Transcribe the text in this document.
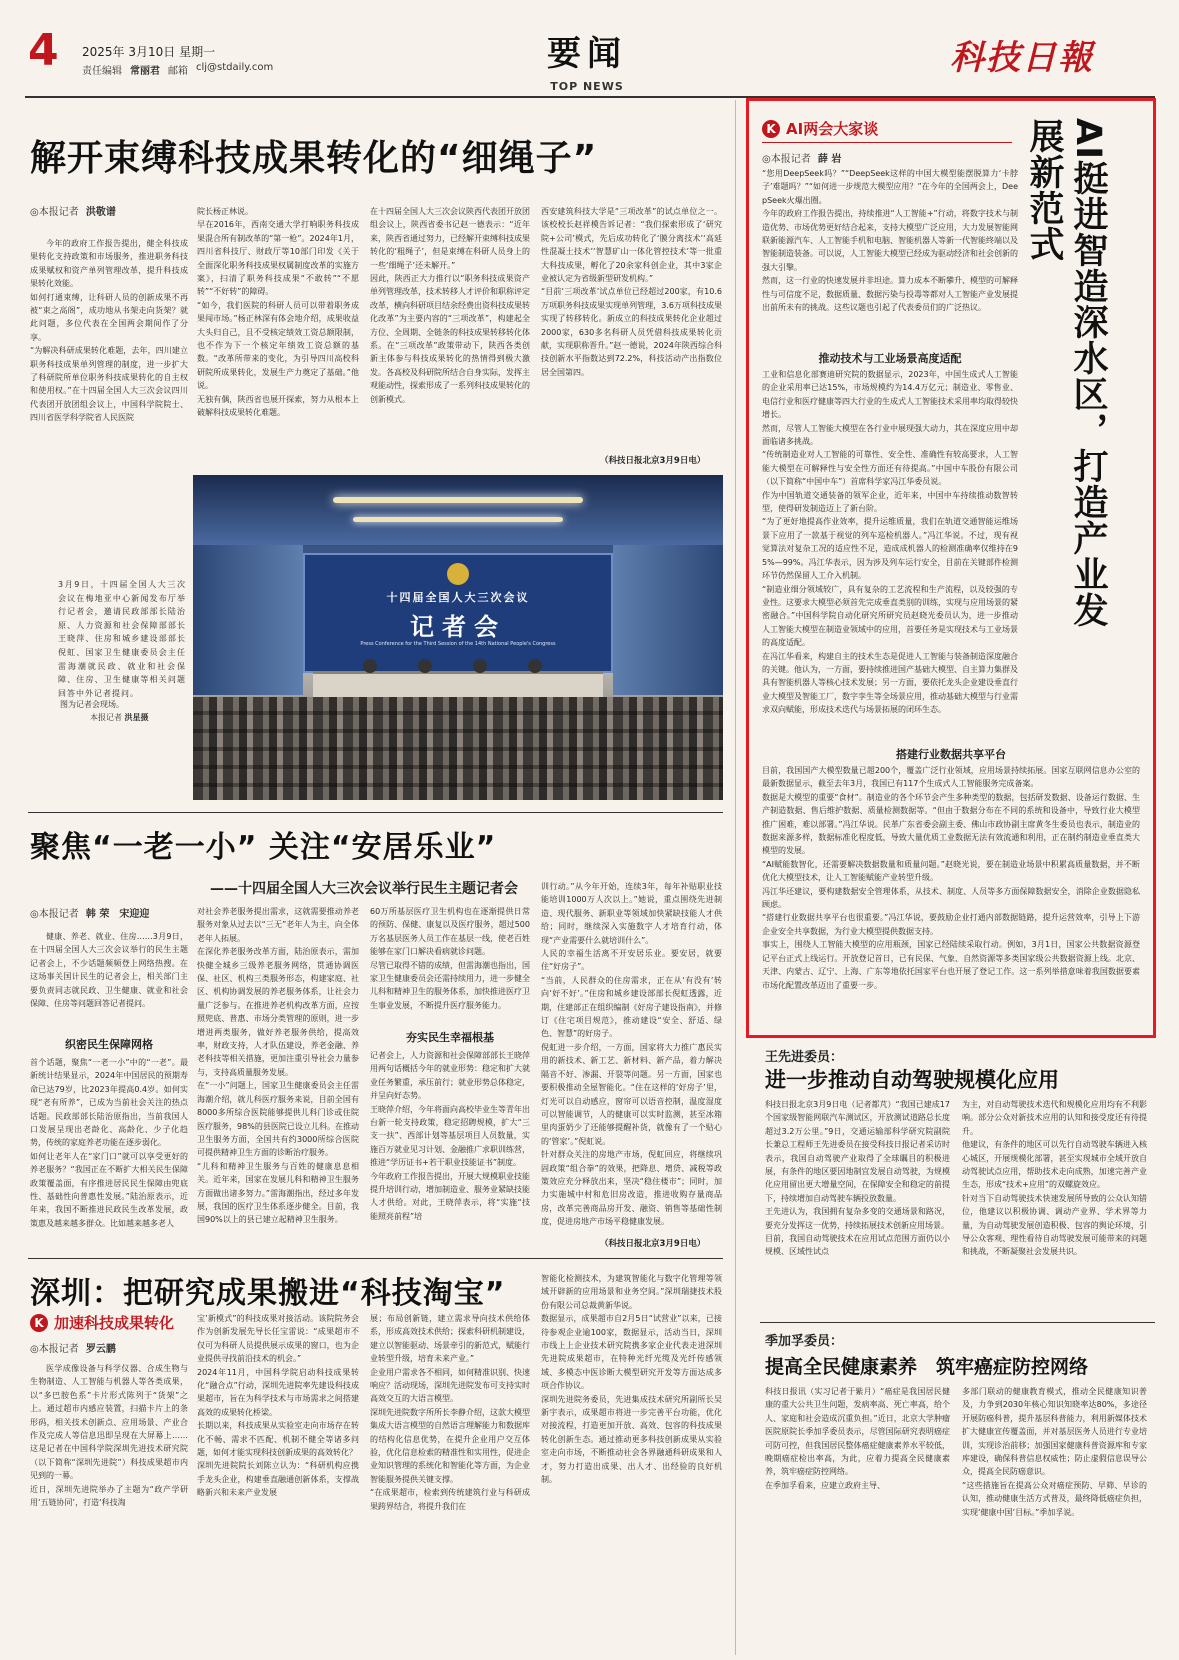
4 2025年 3月10日 星期一
责任编辑 常丽君 邮箱 clj@stdaily.com	要闻
TOP NEWS
科技日報
解开束缚科技成果转化的“细绳子”
◎本报记者 洪敬谱
今年的政府工作报告提出，健全科技成果转化支持政策和市场服务，推进职务科技成果赋权和资产单列管理改革，提升科技成果转化效能。
如何打通束缚，让科研人员的创新成果不再被“束之高阁”，成功地从书架走向货架？就此问题，多位代表在全国两会期间作了分享。
“为解决科研成果转化难题，去年，四川建立职务科技成果单列管理的制度，进一步扩大了科研院所单位职务科技成果转化的自主权和使用权。”在十四届全国人大三次会议四川代表团开放团组会议上，中国科学院院士、四川省医学科学院省人民医院
院长杨正林说。
早在2016年，西南交通大学打响职务科技成果混合所有制改革的“第一枪”。2024年1月，四川省科技厅、财政厅等10部门印发《关于全面深化职务科技成果权属制度改革的实施方案》，扫清了职务科技成果“不敢转”“不愿转”“不好转”的障碍。
“如今，我们医院的科研人员可以带着职务成果闯市场。”杨正林深有体会地介绍，成果收益大头归自己，且不受核定绩效工资总额限制，也不作为下一个核定年绩效工资总额的基数。“改革所带来的变化，为引导四川高校科研院所成果转化，发展生产力奠定了基础。”他说。
无独有偶，陕西省也展开探索，努力从根本上破解科技成果转化难题。
在十四届全国人大三次会议陕西代表团开放团组会议上，陕西省委书记赵一德表示：“近年来，陕西省通过努力，已经解开束缚科技成果转化的‘粗绳子’，但是束缚在科研人员身上的一些‘细绳子’还未解开。”
因此，陕西正大力推行以“职务科技成果资产单列管理改革，技术转移人才评价和职称评定改革，横向科研项目结余经费出资科技成果转化改革”为主要内容的“三项改革”，构建起全方位、全周期、全链条的科技成果转移转化体系。在“三项改革”政策带动下，陕西各类创新主体参与科技成果转化的热情得到极大激发。各高校及科研院所结合自身实际，发挥主观能动性，探索形成了一系列科技成果转化的创新模式。
西安建筑科技大学是“三项改革”的试点单位之一。该校校长赵祥模告诉记者：“我们探索形成了‘研究院+公司’模式，先后成功转化了‘膜分离技术’‘高延性混凝土技术’‘智慧矿山一体化管控技术’等一批重大科技成果，孵化了20余家科创企业，其中3家企业被认定为省级新型研发机构。”
“目前‘三项改革’试点单位已经超过200家，有10.6万项职务科技成果实现单列管理，3.6万项科技成果实现了转移转化。新成立的科技成果转化企业超过2000家，630多名科研人员凭借科技成果转化贡献，实现职称晋升。”赵一德说，2024年陕西综合科技创新水平指数达到72.2%，科技活动产出指数位居全国第四。
（科技日报北京3月9日电）
3月9日，十四届全国人大三次会议在梅地亚中心新闻发布厅举行记者会，邀请民政部部长陆治原、人力资源和社会保障部部长王晓萍、住房和城乡建设部部长倪虹、国家卫生健康委员会主任雷海潮就民政、就业和社会保障、住房、卫生健康等相关问题回答中外记者提问。
图为记者会现场。
本报记者 洪星摄
十四届全国人大三次会议
记者会
Press Conference for the Third Session of the 14th National People's Congress
聚焦“一老一小” 关注“安居乐业”
——十四届全国人大三次会议举行民生主题记者会
◎本报记者 韩 荣　宋迎迎
健康、养老、就业、住房……3月9日，在十四届全国人大三次会议举行的民生主题记者会上，不少话题频频登上网络热搜。在这场事关国计民生的记者会上，相关部门主要负责同志就民政、卫生健康、就业和社会保障、住房等问题回答记者提问。
织密民生保障网格
首个话题，聚焦“一老一小”中的“一老”。最新统计结果显示，2024年中国居民的预期寿命已达79岁，比2023年提高0.4岁。如何实现“老有所养”，已成为当前社会关注的热点话题。民政部部长陆治原指出，当前我国人口发展呈现出老龄化、高龄化、少子化趋势，传统的家庭养老功能在逐步弱化。
如何让老年人在“家门口”就可以享受更好的养老服务？“我国正在不断扩大相关民生保障政策覆盖面，有序推进居民民生保障由兜底性、基础性向普惠性发展。”陆治原表示，近年来，我国不断推进民政民生改革发展，政策惠及越来越多群众。比如越来越多老人
对社会养老服务提出需求，这就需要推动养老服务对象从过去以“三无”老年人为主，向全体老年人拓展。
在深化养老服务改革方面，陆治原表示，需加快健全城乡三级养老服务网络，贯通协调医保、社区、机构三类服务形态，构建家庭、社区、机构协调发展的养老服务体系，让社会力量广泛参与。在推进养老机构改革方面，应按照兜底、普惠、市场分类管理的原则，进一步增进两类服务，做好养老服务供给，提高效率，财政支持，人才队伍建设，养老金融、养老科技等相关措施，更加注重引导社会力量参与，支持高质量服务发展。
在“一小”问题上，国家卫生健康委员会主任雷海潮介绍，就儿科医疗服务来说，目前全国有8000多所综合医院能够提供儿科门诊或住院医疗服务，98%的县医院已设立儿科。在推动卫生服务方面，全国共有约3000所综合医院可提供精神卫生方面的诊断治疗服务。
“儿科和精神卫生服务与百姓的健康息息相关。近年来，国家在发展儿科和精神卫生服务方面做出诸多努力。”雷海潮指出，经过多年发展，我国的医疗卫生体系逐步健全。目前，我国90%以上的县已建立起精神卫生服务。
60万所基层医疗卫生机构也在逐渐提供日常的预防、保健、康复以及医疗服务，超过500万名基层医务人员工作在基层一线，使老百姓能够在家门口解决看病就诊问题。
尽管已取得不错的成绩，但雷海潮也指出，国家卫生健康委员会还需持续用力，进一步健全儿科和精神卫生的服务体系，加快推进医疗卫生事业发展，不断提升医疗服务能力。
夯实民生幸福根基
记者会上，人力资源和社会保障部部长王晓萍用两句话概括今年的就业形势：稳定和扩大就业任务繁重，承压前行；就业形势总体稳定，并呈向好态势。
王晓萍介绍，今年将面向高校毕业生等青年出台新一轮支持政策，稳定招聘规模，扩大“三支一扶”、西部计划等基层项目人员数量，实施百万就业见习计划、金融推广求职训练营，推进“学历证书+若干职业技能证书”制度。
今年政府工作报告提出，开展大规模职业技能提升培训行动，增加制造业、服务业紧缺技能人才供给。对此，王晓萍表示，将“实施“技能照亮前程”培
训行动。”从今年开始，连续3年，每年补贴职业技能培训1000万人次以上。”她说，重点围绕先进制造、现代服务、新职业等领域加快紧缺技能人才供给；同时，继续深入实施数字人才培育行动，体现“产业需要什么就培训什么”。
人民的幸福生活离不开安居乐业。要安居，就要住“好房子”。
“当前，人民群众的住房需求，正在从‘有没有’转向‘好不好’。”住房和城乡建设部部长倪虹透露，近期，住建部正在组织编制《好房子建设指南》，并修订《住宅项目规范》，推动建设“安全、舒适、绿色、智慧”的好房子。
倪虹进一步介绍，一方面，国家将大力推广惠民实用的新技术、新工艺、新材料、新产品，着力解决隔音不好、渗漏、开裂等问题。另一方面，国家也要积极推动全屋智能化。“住在这样的‘好房子’里，灯光可以自动感应，窗帘可以语音控制，温度湿度可以智能调节，人的健康可以实时监测，甚至冰箱里肉蛋奶少了还能够提醒补货，就像有了一个贴心的‘管家’。”倪虹说。
针对群众关注的房地产市场，倪虹回应，将继续巩固政策“组合拳”的效果，把降息、增贷、减税等政策效应充分释放出来，坚决“稳住楼市”；同时，加力实施城中村和危旧房改造，推进收购存量商品房，改革完善商品房开发、融资、销售等基础性制度，促进房地产市场平稳健康发展。
（科技日报北京3月9日电）
深圳：把研究成果搬进“科技淘宝”
K 加速科技成果转化
◎本报记者 罗云鹏
医学成像设备与科学仪器、合成生物与生物制造、人工智能与机器人等各类成果，以“多巴胺色系”卡片形式陈列于“货架”之上。通过超市内感应装置，扫描卡片上的条形码，相关技术创新点、应用场景、产业合作及完成人等信息迅即呈现在大屏幕上……这是记者在中国科学院深圳先进技术研究院（以下简称“深圳先进院”）科技成果超市内见到的一幕。
近日，深圳先进院举办了主题为“政产学研用‘五链协同’，打造‘科技淘
宝’新模式”的科技成果对接活动。该院院务会作为创新发展先导长任宝雷说：“成果超市不仅可为科研人员提供展示成果的窗口，也为企业提供寻找前沿技术的机会。”
2024年11月，中国科学院启动科技成果转化“融合点”行动，深圳先进院率先建设科技成果超市，旨在为科学技术与市场需求之间搭建高效的成果转化桥梁。
长期以来，科技成果从实验室走向市场存在转化不畅、需求不匹配、机制不健全等诸多问题，如何才能实现科技创新成果的高效转化？
深圳先进院院长刘陈立认为：“科研机构应携手龙头企业，构建垂直融通创新体系，支撑战略新兴和未来产业发展
展；布局创新链，建立需求导向技术供给体系，形成高效技术供给；探索科研机制建设，建立以智能驱动、场景牵引的新范式，赋能行业转型升级，培育未来产业。”
企业用户需求各不相同，如何精准识别、快速响应？活动现场，深圳先进院发布可支持实时高效交互的大语言模型。
深圳先进院数字所所长李静介绍，这款大模型集成大语言模型的自然语言理解能力和数据库的结构化信息优势，在提升企业用户交互体验，优化信息检索的精准性和实用性，促进企业知识管理的系统化和智能化等方面，为企业智能服务提供关键支撑。
“在成果超市，检索到传统建筑行业与科研成果跨界结合，将提升我们在
智能化检测技术，为建筑智能化与数字化管理等领域开辟新的应用场景和业务空间。”深圳瑞捷技术股份有限公司总裁黄新华说。
数据显示，成果超市自2月5日“试营业”以来，已接待参观企业逾100家，数据显示，活动当日，深圳市线上上企业技术研究院携多家企业代表走进深圳先进院成果超市，在特种光纤光缆及光纤传感领域、多模态中医诊断大模型研究开发等方面达成多项合作协议。
深圳先进院务委员，先进集成技术研究所副所长吴新宇表示，成果超市将进一步完善平台功能，优化对接流程，打造更加开放、高效、包容的科技成果转化创新生态。通过推动更多科技创新成果从实验室走向市场，不断推动社会各界融通科研成果和人才，努力打造出成果、出人才、出经验的良好机制。
K AI两会大家谈
◎本报记者 薛 岩	AI挺进智造深水区，打造产业发展新范式
“您用DeepSeek吗？”“DeepSeek这样的中国大模型能摆脱算力‘卡脖子’难题吗？”“如何进一步规范大模型应用？”在今年的全国两会上，DeepSeek火爆出圈。
今年的政府工作报告提出，持续推进“人工智能+”行动，将数字技术与制造优势、市场优势更好结合起来，支持大模型广泛应用，大力发展智能网联新能源汽车、人工智能手机和电脑、智能机器人等新一代智能终端以及智能制造装备。可以说，人工智能大模型已经成为驱动经济和社会创新的强大引擎。
然而，这一行业的快速发展并非坦途。算力成本不断攀升、模型的可解释性与可信度不足，数据质量、数据污染与投毒等都对人工智能产业发展提出前所未有的挑战。这些议题也引起了代表委员们的广泛热议。
推动技术与工业场景高度适配
工业和信息化部赛迪研究院的数据显示，2023年，中国生成式人工智能的企业采用率已达15%，市场规模约为14.4万亿元；制造业、零售业、电信行业和医疗健康等四大行业的生成式人工智能技术采用率均取得较快增长。
然而，尽管人工智能大模型在各行业中展现强大动力，其在深度应用中却面临诸多挑战。
“传统制造业对人工智能的可靠性、安全性、准确性有较高要求，人工智能大模型在可解释性与安全性方面还有待提高。”中国中车股份有限公司（以下简称“中国中车”）首席科学家冯江华委员说。
作为中国轨道交通装备的领军企业，近年来，中国中车持续推动数智转型，使得研发制造迈上了新台阶。
“为了更好地提高作业效率，提升运维质量，我们在轨道交通智能运维场景下应用了一款基于视觉的列车巡检机器人。”冯江华说。不过，现有视觉算法对复杂工况的适应性不足，造成成机器人的检测准确率仅维持在95%—99%。冯江华表示，因为涉及列车运行安全，目前在关键部件检测环节仍然保留人工介入机制。
“制造业细分领域较广，具有复杂的工艺流程和生产流程，以及较强的专业性。这要求大模型必须首先完成垂直类别的训练，实现与应用场景的紧密融合。”中国科学院自动化研究所研究员赵晓光委员认为，进一步推动人工智能大模型在制造业领域中的应用，首要任务是实现技术与工业场景的高度适配。
在冯江华看来，构建自主的技术生态是促进人工智能与装备制造深度融合的关键。他认为，一方面，要持续推进国产基础大模型、自主算力集群及具有智能机器人等核心技术发展；另一方面，要依托龙头企业建设垂直行业大模型及智能工厂，数字孪生等全场景应用，推动基础大模型与行业需求双向赋能，形成技术迭代与场景拓展的闭环生态。
搭建行业数据共享平台
目前，我国国产大模型数量已超200个，覆盖广泛行业领域，应用场景持续拓展。国家互联网信息办公室的最新数据显示，截至去年3月，我国已有117个生成式人工智能服务完成备案。
数据是大模型的重要“食材”。制造业的各个环节会产生多种类型的数据，包括研发数据、设备运行数据、生产制造数据、售后维护数据、质量检测数据等。“但由于数据分布在不同的系统和设备中，导致行业大模型推广困难，难以部署。”冯江华说。民革广东省委会副主委、佛山市政协副主席黄冬生委员也表示，制造业的数据来源多样，数据标准化程度低，导致大量优质工业数据无法有效流通和利用，正在制约制造业垂直类大模型的发展。
“AI赋能数智化，还需要解决数据数量和质量问题。”赵晓光说，要在制造业场景中积累高质量数据，并不断优化大模型技术，让人工智能赋能产业转型升级。
冯江华还建议，要构建数据安全管理体系，从技术、制度、人员等多方面保障数据安全，消除企业数据隐私顾虑。
“搭建行业数据共享平台也很重要。”冯江华说，要鼓励企业打通内部数据链路，提升运营效率，引导上下游企业安全共享数据，为行业大模型提供数据支持。
事实上，围绕人工智能大模型的应用瓶颈，国家已经陆续采取行动。例如，3月1日，国家公共数据资源登记平台正式上线运行。开放登记首日，已有民保、气象、自然资源等多类国家级公共数据资源上线。北京、天津、内蒙古、辽宁、上海、广东等地依托国家平台也开展了登记工作。这一系列举措意味着我国数据要素市场化配置改革迈出了重要一步。
王先进委员：
进一步推动自动驾驶规模化应用
科技日报北京3月9日电（记者都芃）“我国已建成17个国家级智能网联汽车测试区，开放测试道路总长度超过3.2万公里。”9日，交通运输部科学研究院副院长兼总工程师王先进委员在接受科技日报记者采访时表示，我国自动驾驶产业取得了全球瞩目的积极进展，有条件的地区要因地制宜发展自动驾驶，为规模化应用留出更大增量空间，在保障安全和稳定的前提下，持续增加自动驾驶车辆投放数量。
王先进认为，我国拥有复杂多变的交通场景和路况，要充分发挥这一优势，持续拓展技术创新应用场景。
目前，我国自动驾驶技术在应用试点范围方面仍以小规模、区域性试点
为主，对自动驾驶技术迭代和规模化应用均有不利影响。部分公众对新技术应用的认知和接受度还有待提升。
他建议，有条件的地区可以先行自动驾驶车辆进入核心城区，开展规模化部署，甚至实现城市全域开放自动驾驶试点应用，帮助技术走向成熟，加速完善产业生态，形成“技术+应用”的双螺旋效应。
针对当下自动驾驶技术快速发展所导致的公众认知错位，他建议以积极协调、调动产业界、学术界等力量，为自动驾驶发展创造积极、包容的舆论环境，引导公众客观、理性看待自动驾驶发展可能带来的问题和挑战，不断凝聚社会发展共识。
季加孚委员：
提高全民健康素养　筑牢癌症防控网络
科技日报讯（实习记者于紫月）“癌症是我国居民健康的重大公共卫生问题，发病率高、死亡率高，给个人、家庭和社会造成沉重负担。”近日，北京大学肿瘤医院原院长季加孚委员表示，尽管国际研究表明癌症可防可控，但我国居民整体癌症健康素养水平较低，晚期癌症检出率高，为此，应着力提高全民健康素养，筑牢癌症防控网络。
在季加孚看来，应建立政府主导、
多部门联动的健康教育模式，推动全民健康知识普及，力争到2030年核心知识知晓率达80%，多途径开展防癌科普，提升基层科普能力，利用新媒体技术扩大健康宣传覆盖面，并对基层医务人员进行专业培训，实现诊治前移；加强国家健康科普资源库和专家库建设，确保科普信息权威性；防止虚假信息误导公众，提高全民防癌意识。
“这些措施旨在提高公众对癌症预防、早筛、早诊的认知，推动健康生活方式普及，最终降低癌症负担，实现‘健康中国’目标。”季加孚说。
